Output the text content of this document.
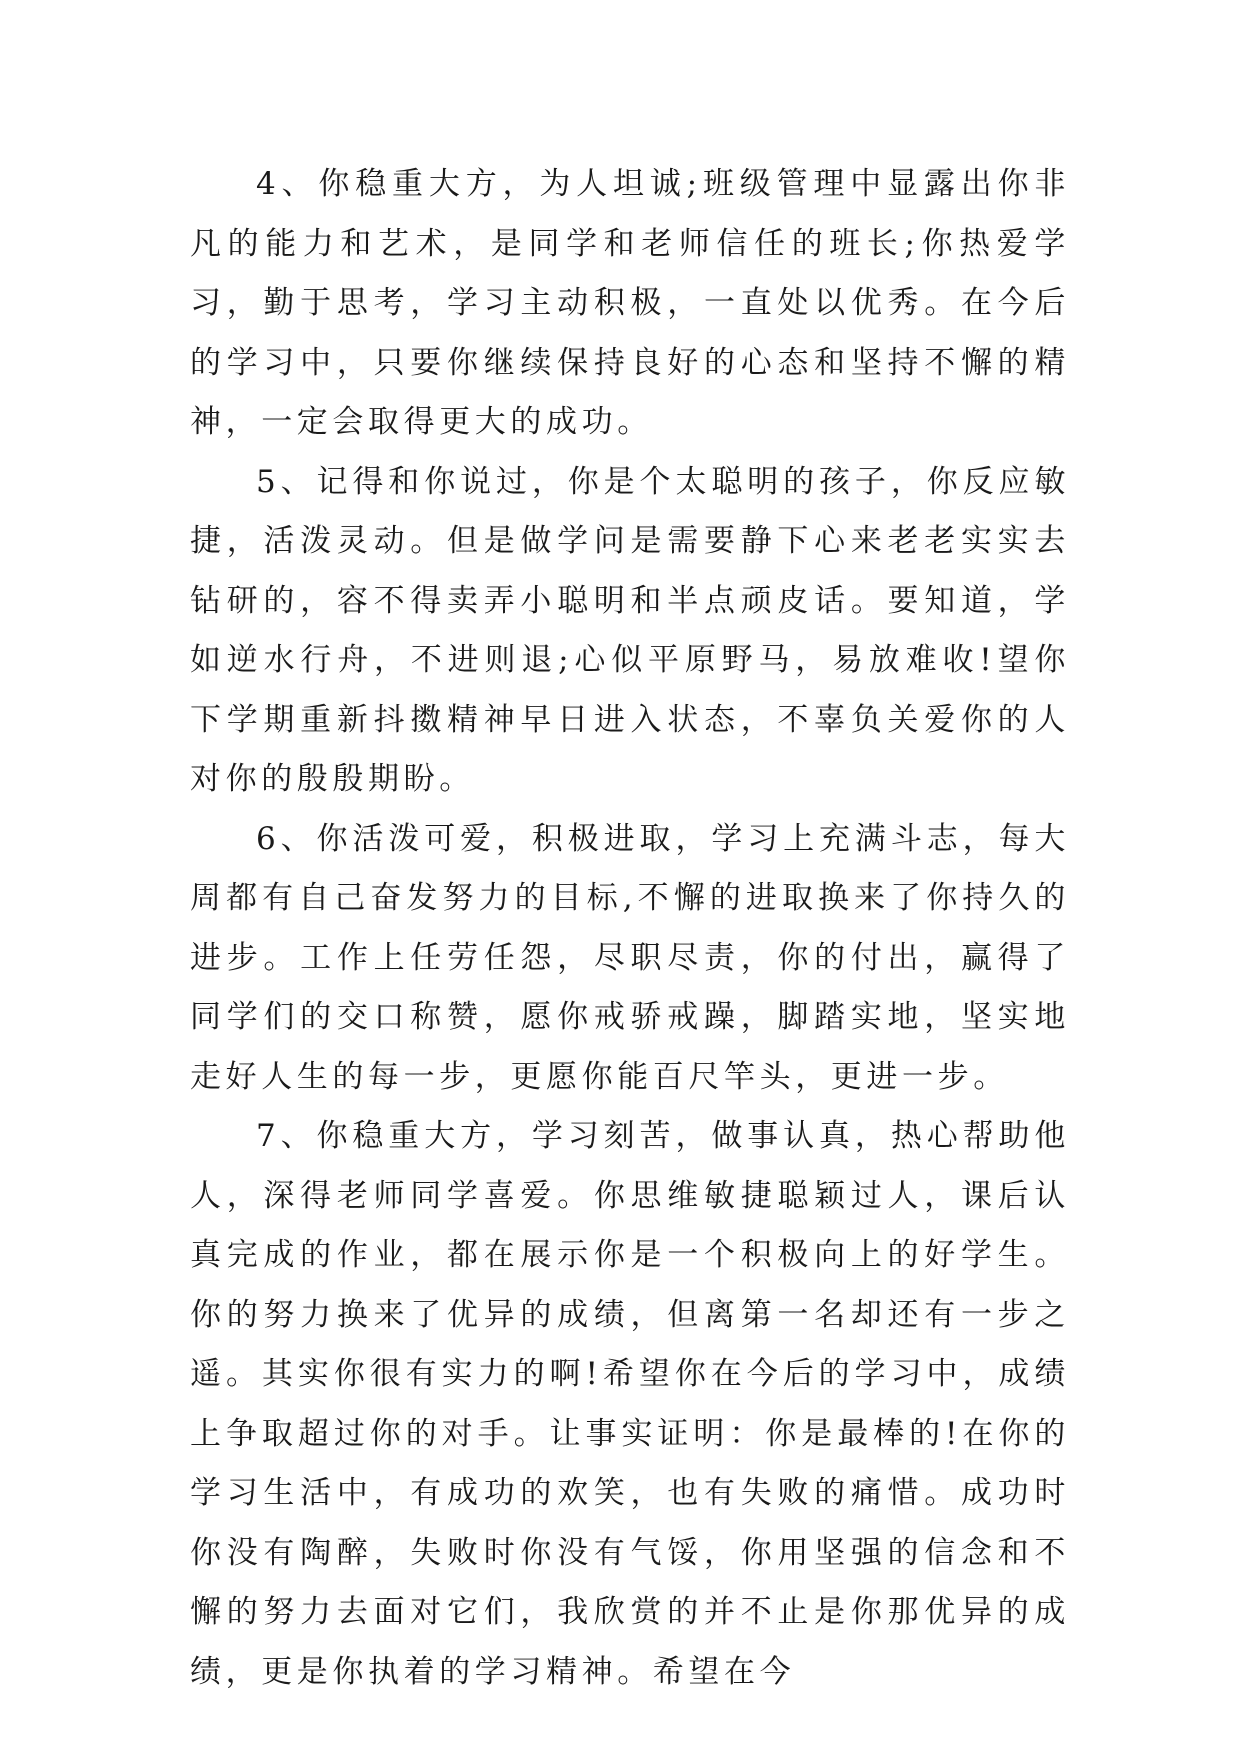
4、你稳重大方，为人坦诚;班级管理中显露出你非凡的能力和艺术，是同学和老师信任的班长;你热爱学习，勤于思考，学习主动积极，一直处以优秀。在今后的学习中，只要你继续保持良好的心态和坚持不懈的精神，一定会取得更大的成功。

5、记得和你说过，你是个太聪明的孩子，你反应敏捷，活泼灵动。但是做学问是需要静下心来老老实实去钻研的，容不得卖弄小聪明和半点顽皮话。要知道，学如逆水行舟，不进则退;心似平原野马，易放难收!望你下学期重新抖擞精神早日进入状态，不辜负关爱你的人对你的殷殷期盼。

6、你活泼可爱，积极进取，学习上充满斗志，每大周都有自己奋发努力的目标,不懈的进取换来了你持久的进步。工作上任劳任怨，尽职尽责，你的付出，赢得了同学们的交口称赞，愿你戒骄戒躁，脚踏实地，坚实地走好人生的每一步，更愿你能百尺竿头，更进一步。

7、你稳重大方，学习刻苦，做事认真，热心帮助他人，深得老师同学喜爱。你思维敏捷聪颖过人，课后认真完成的作业，都在展示你是一个积极向上的好学生。你的努力换来了优异的成绩，但离第一名却还有一步之遥。其实你很有实力的啊!希望你在今后的学习中，成绩上争取超过你的对手。让事实证明：你是最棒的!在你的学习生活中，有成功的欢笑，也有失败的痛惜。成功时你没有陶醉，失败时你没有气馁，你用坚强的信念和不懈的努力去面对它们，我欣赏的并不止是你那优异的成绩，更是你执着的学习精神。希望在今
